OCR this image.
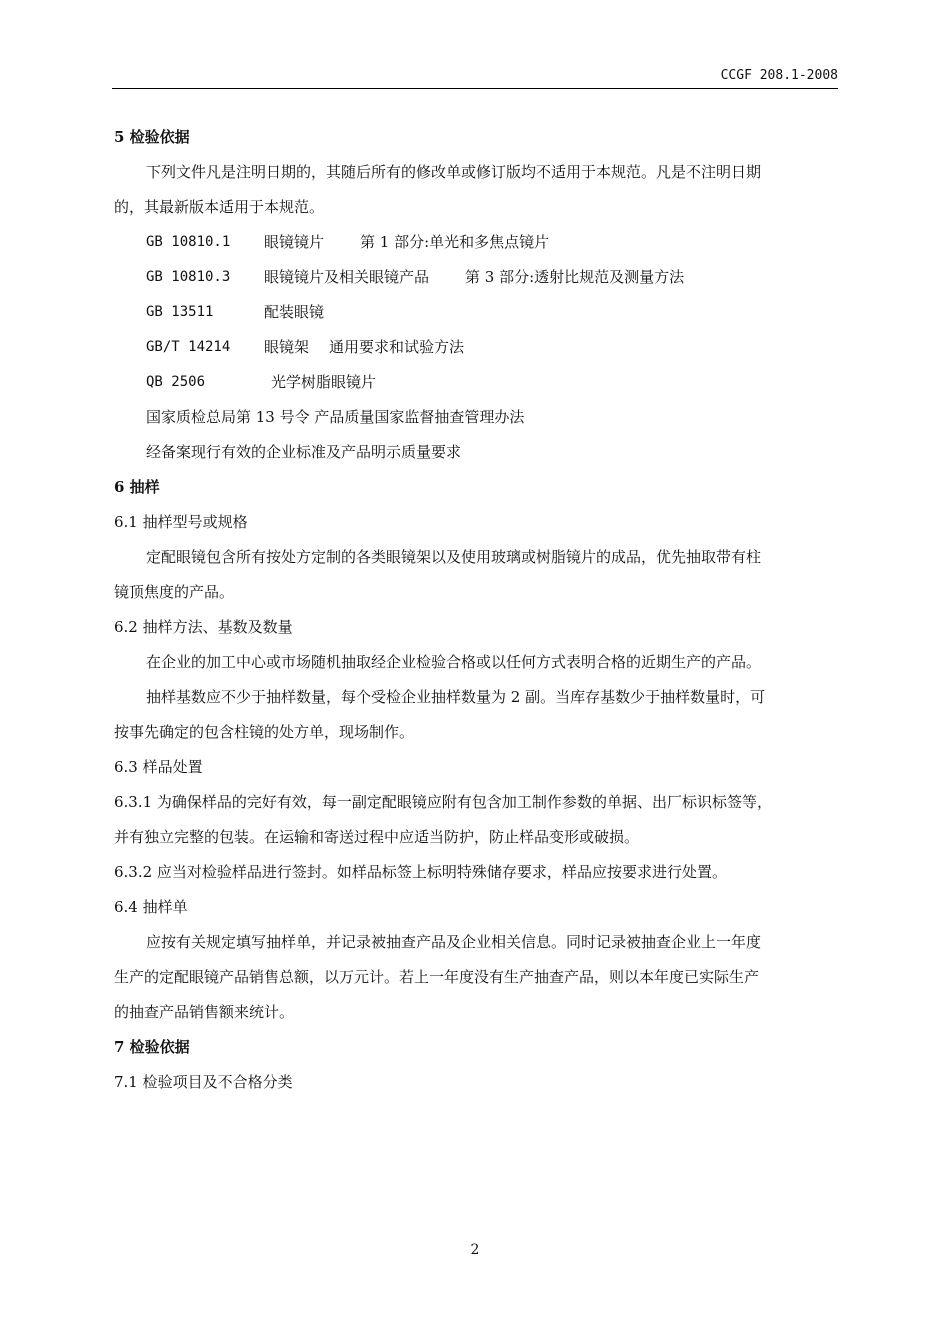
CCGF 208.1-2008
5 检验依据
下列文件凡是注明日期的，其随后所有的修改单或修订版均不适用于本规范。凡是不注明日期
的，其最新版本适用于本规范。
GB 10810.1	眼镜镜片 第 1 部分:单光和多焦点镜片
GB 10810.3	眼镜镜片及相关眼镜产品 第 3 部分:透射比规范及测量方法
GB 13511	配装眼镜
GB/T 14214	眼镜架 通用要求和试验方法
QB 2506	光学树脂眼镜片
国家质检总局第 13 号令 产品质量国家监督抽查管理办法
经备案现行有效的企业标准及产品明示质量要求
6 抽样
6.1 抽样型号或规格
定配眼镜包含所有按处方定制的各类眼镜架以及使用玻璃或树脂镜片的成品，优先抽取带有柱
镜顶焦度的产品。
6.2 抽样方法、基数及数量
在企业的加工中心或市场随机抽取经企业检验合格或以任何方式表明合格的近期生产的产品。
抽样基数应不少于抽样数量，每个受检企业抽样数量为 2 副。当库存基数少于抽样数量时，可
按事先确定的包含柱镜的处方单，现场制作。
6.3 样品处置
6.3.1 为确保样品的完好有效，每一副定配眼镜应附有包含加工制作参数的单据、出厂标识标签等，
并有独立完整的包装。在运输和寄送过程中应适当防护，防止样品变形或破损。
6.3.2 应当对检验样品进行签封。如样品标签上标明特殊储存要求，样品应按要求进行处置。
6.4 抽样单
应按有关规定填写抽样单，并记录被抽查产品及企业相关信息。同时记录被抽查企业上一年度
生产的定配眼镜产品销售总额，以万元计。若上一年度没有生产抽查产品，则以本年度已实际生产
的抽查产品销售额来统计。
7 检验依据
7.1 检验项目及不合格分类
2
